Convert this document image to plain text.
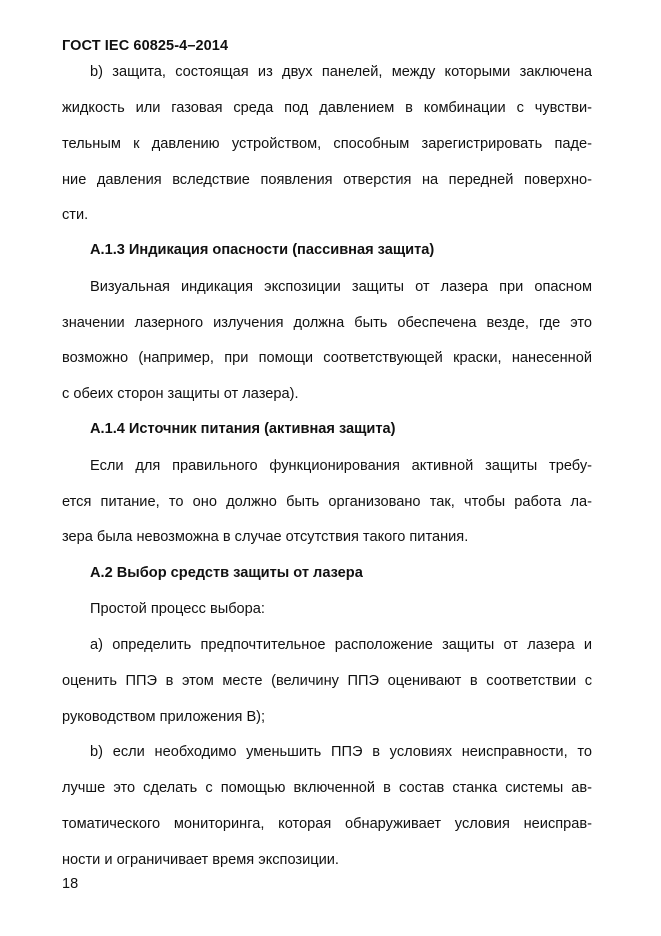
ГОСТ IEC 60825-4–2014
b) защита, состоящая из двух панелей, между которыми заключена
жидкость или газовая среда под давлением в комбинации с чувстви-
тельным к давлению устройством, способным зарегистрировать паде-
ние давления вследствие появления отверстия на передней поверхно-
сти.
А.1.3 Индикация опасности (пассивная защита)
Визуальная индикация экспозиции защиты от лазера при опасном
значении лазерного излучения должна быть обеспечена везде, где это
возможно (например, при помощи соответствующей краски, нанесенной
с обеих сторон защиты от лазера).
А.1.4 Источник питания (активная защита)
Если для правильного функционирования активной защиты требу-
ется питание, то оно должно быть организовано так, чтобы работа ла-
зера была невозможна в случае отсутствия такого питания.
А.2 Выбор средств защиты от лазера
Простой процесс выбора:
а) определить предпочтительное расположение защиты от лазера и
оценить ППЭ в этом месте (величину ППЭ оценивают в соответствии с
руководством приложения В);
b) если необходимо уменьшить ППЭ в условиях неисправности, то
лучше это сделать с помощью включенной в состав станка системы ав-
томатического мониторинга, которая обнаруживает условия неисправ-
ности и ограничивает время экспозиции.
18
